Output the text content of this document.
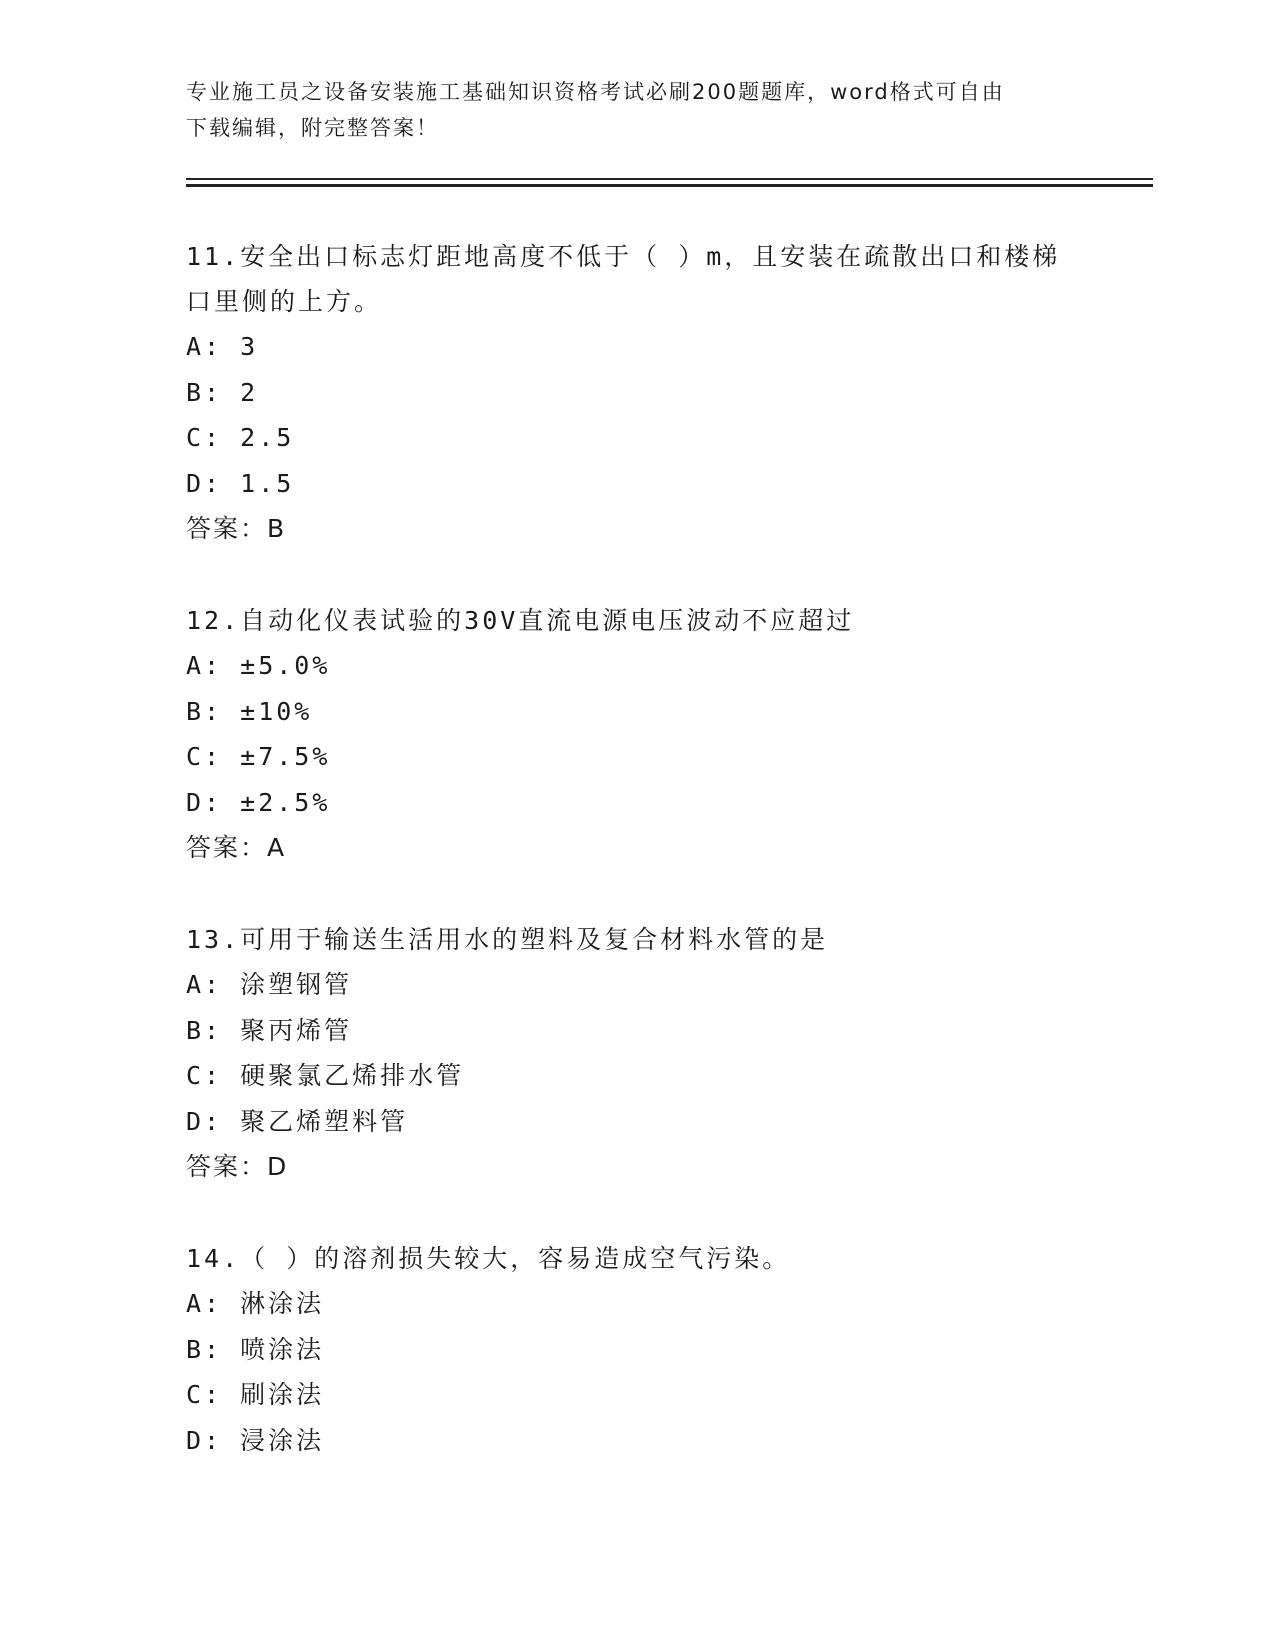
专业施工员之设备安装施工基础知识资格考试必刷200题题库，word格式可自由
下载编辑，附完整答案！
11.安全出口标志灯距地高度不低于（ ）m，且安装在疏散出口和楼梯
口里侧的上方。
A: 3
B: 2
C: 2.5
D: 1.5
答案：B
12.自动化仪表试验的30V直流电源电压波动不应超过
A: ±5.0%
B: ±10%
C: ±7.5%
D: ±2.5%
答案：A
13.可用于输送生活用水的塑料及复合材料水管的是
A: 涂塑钢管
B: 聚丙烯管
C: 硬聚氯乙烯排水管
D: 聚乙烯塑料管
答案：D
14.（ ）的溶剂损失较大，容易造成空气污染。
A: 淋涂法
B: 喷涂法
C: 刷涂法
D: 浸涂法
